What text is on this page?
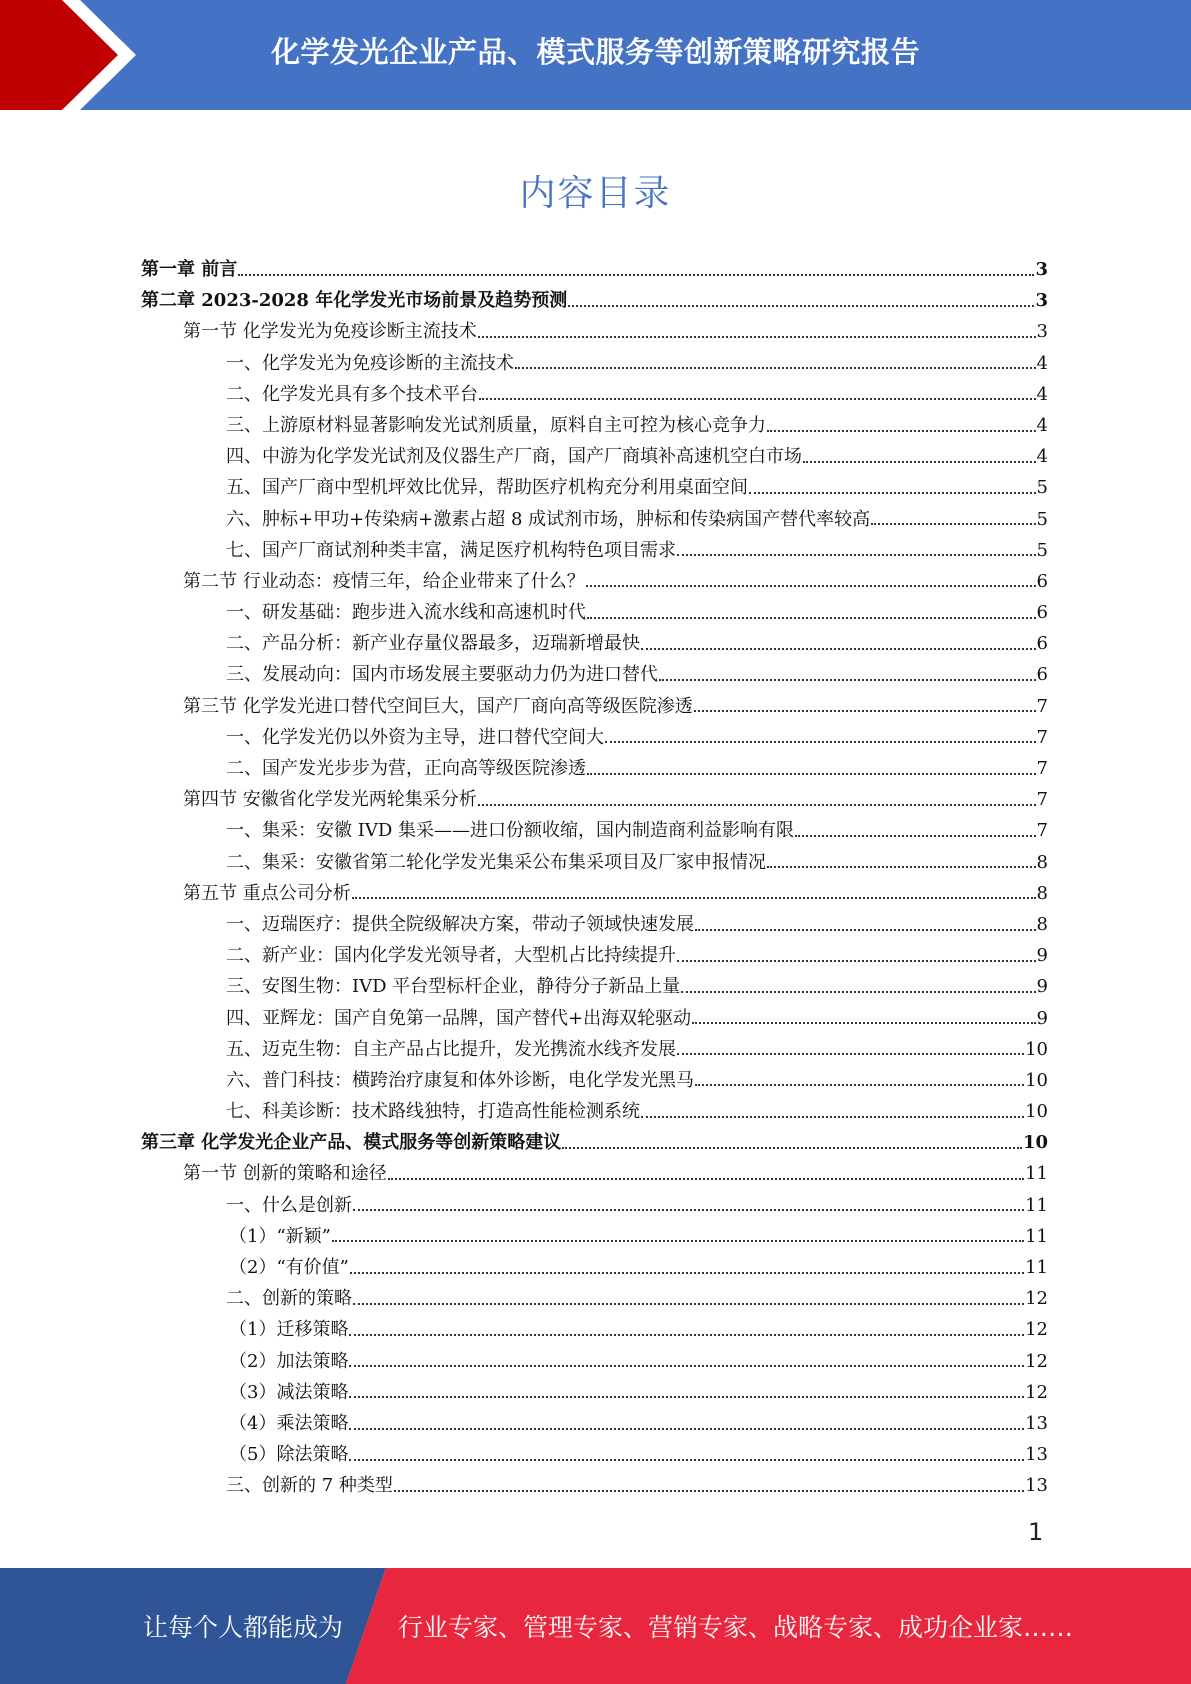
化学发光企业产品、模式服务等创新策略研究报告
内容目录
第一章 前言	3
第二章 2023-2028 年化学发光市场前景及趋势预测	3
第一节 化学发光为免疫诊断主流技术	3
一、化学发光为免疫诊断的主流技术	4
二、化学发光具有多个技术平台	4
三、上游原材料显著影响发光试剂质量，原料自主可控为核心竞争力	4
四、中游为化学发光试剂及仪器生产厂商，国产厂商填补高速机空白市场	4
五、国产厂商中型机坪效比优异，帮助医疗机构充分利用桌面空间	5
六、肿标+甲功+传染病+激素占超 8 成试剂市场，肿标和传染病国产替代率较高	5
七、国产厂商试剂种类丰富，满足医疗机构特色项目需求	5
第二节 行业动态：疫情三年，给企业带来了什么？	6
一、研发基础：跑步进入流水线和高速机时代	6
二、产品分析：新产业存量仪器最多，迈瑞新增最快	6
三、发展动向：国内市场发展主要驱动力仍为进口替代	6
第三节 化学发光进口替代空间巨大，国产厂商向高等级医院渗透	7
一、化学发光仍以外资为主导，进口替代空间大	7
二、国产发光步步为营，正向高等级医院渗透	7
第四节 安徽省化学发光两轮集采分析	7
一、集采：安徽 IVD 集采——进口份额收缩，国内制造商利益影响有限	7
二、集采：安徽省第二轮化学发光集采公布集采项目及厂家申报情况	8
第五节 重点公司分析	8
一、迈瑞医疗：提供全院级解决方案，带动子领域快速发展	8
二、新产业：国内化学发光领导者，大型机占比持续提升	9
三、安图生物：IVD 平台型标杆企业，静待分子新品上量	9
四、亚辉龙：国产自免第一品牌，国产替代+出海双轮驱动	9
五、迈克生物：自主产品占比提升，发光携流水线齐发展	10
六、普门科技：横跨治疗康复和体外诊断，电化学发光黑马	10
七、科美诊断：技术路线独特，打造高性能检测系统	10
第三章 化学发光企业产品、模式服务等创新策略建议	10
第一节 创新的策略和途径	11
一、什么是创新	11
（1）“新颖”	11
（2）“有价值”	11
二、创新的策略	12
（1）迁移策略	12
（2）加法策略	12
（3）减法策略	12
（4）乘法策略	13
（5）除法策略	13
三、创新的 7 种类型	13
1
让每个人都能成为 行业专家、管理专家、营销专家、战略专家、成功企业家……
